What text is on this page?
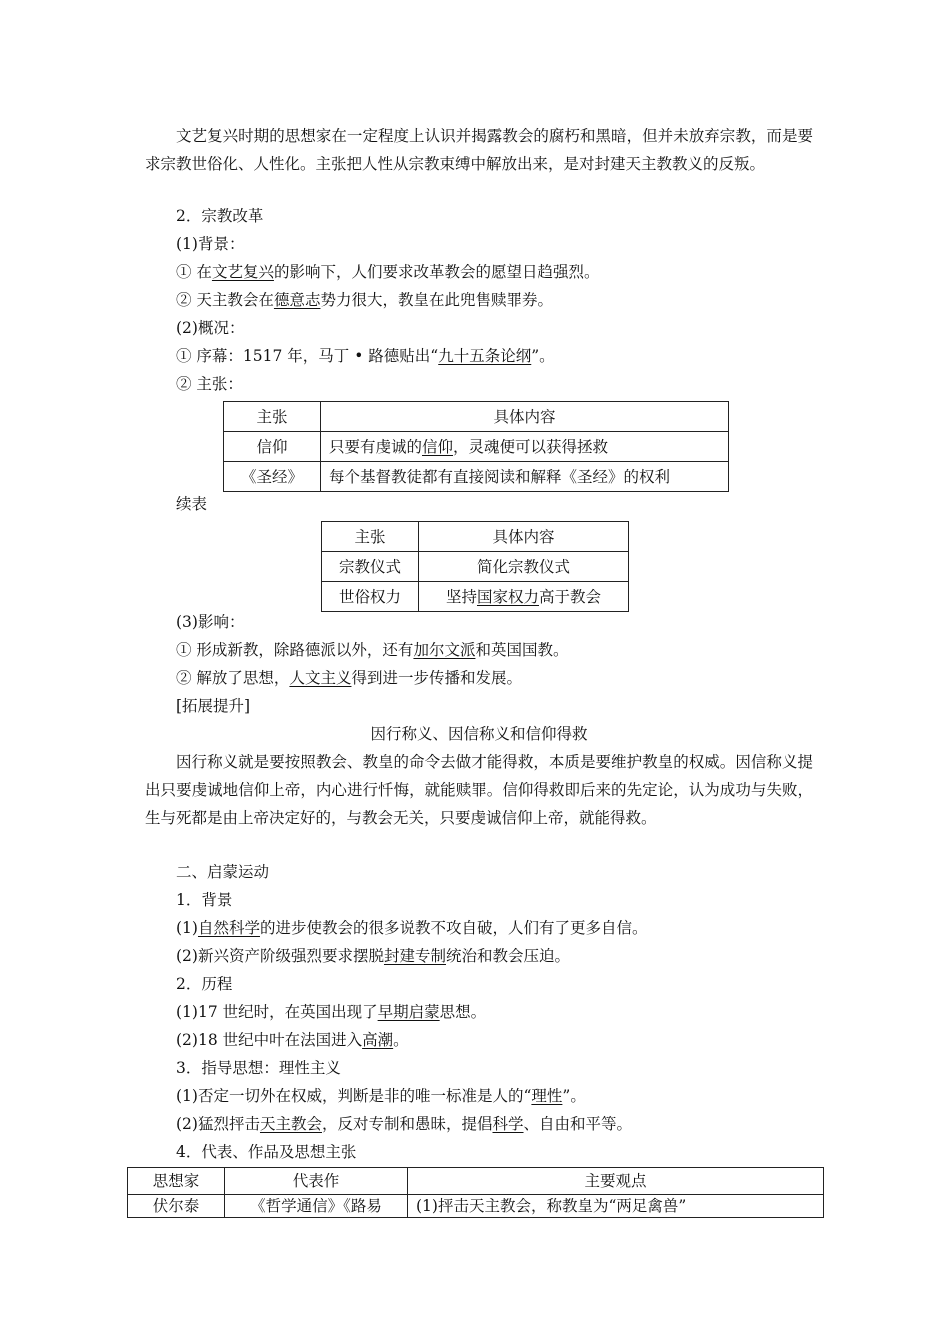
文艺复兴时期的思想家在一定程度上认识并揭露教会的腐朽和黑暗，但并未放弃宗教，而是要求宗教世俗化、人性化。主张把人性从宗教束缚中解放出来，是对封建天主教教义的反叛。
2．宗教改革
(1)背景：
① 在文艺复兴的影响下，人们要求改革教会的愿望日趋强烈。
② 天主教会在德意志势力很大，教皇在此兜售赎罪券。
(2)概况：
① 序幕：1517 年，马丁 • 路德贴出“九十五条论纲”。
② 主张：
主张	具体内容
信仰	只要有虔诚的信仰，灵魂便可以获得拯救
《圣经》	每个基督教徒都有直接阅读和解释《圣经》的权利
续表
主张	具体内容
宗教仪式	简化宗教仪式
世俗权力	坚持国家权力高于教会
(3)影响：
① 形成新教，除路德派以外，还有加尔文派和英国国教。
② 解放了思想，人文主义得到进一步传播和发展。
[拓展提升]
因行称义、因信称义和信仰得救
因行称义就是要按照教会、教皇的命令去做才能得救，本质是要维护教皇的权威。因信称义提出只要虔诚地信仰上帝，内心进行忏悔，就能赎罪。信仰得救即后来的先定论，认为成功与失败，生与死都是由上帝决定好的，与教会无关，只要虔诚信仰上帝，就能得救。
二、启蒙运动
1．背景
(1)自然科学的进步使教会的很多说教不攻自破，人们有了更多自信。
(2)新兴资产阶级强烈要求摆脱封建专制统治和教会压迫。
2．历程
(1)17 世纪时，在英国出现了早期启蒙思想。
(2)18 世纪中叶在法国进入高潮。
3．指导思想：理性主义
(1)否定一切外在权威，判断是非的唯一标准是人的“理性”。
(2)猛烈抨击天主教会，反对专制和愚昧，提倡科学、自由和平等。
4．代表、作品及思想主张
思想家	代表作	主要观点
伏尔泰	《哲学通信》《路易	(1)抨击天主教会，称教皇为“两足禽兽”
